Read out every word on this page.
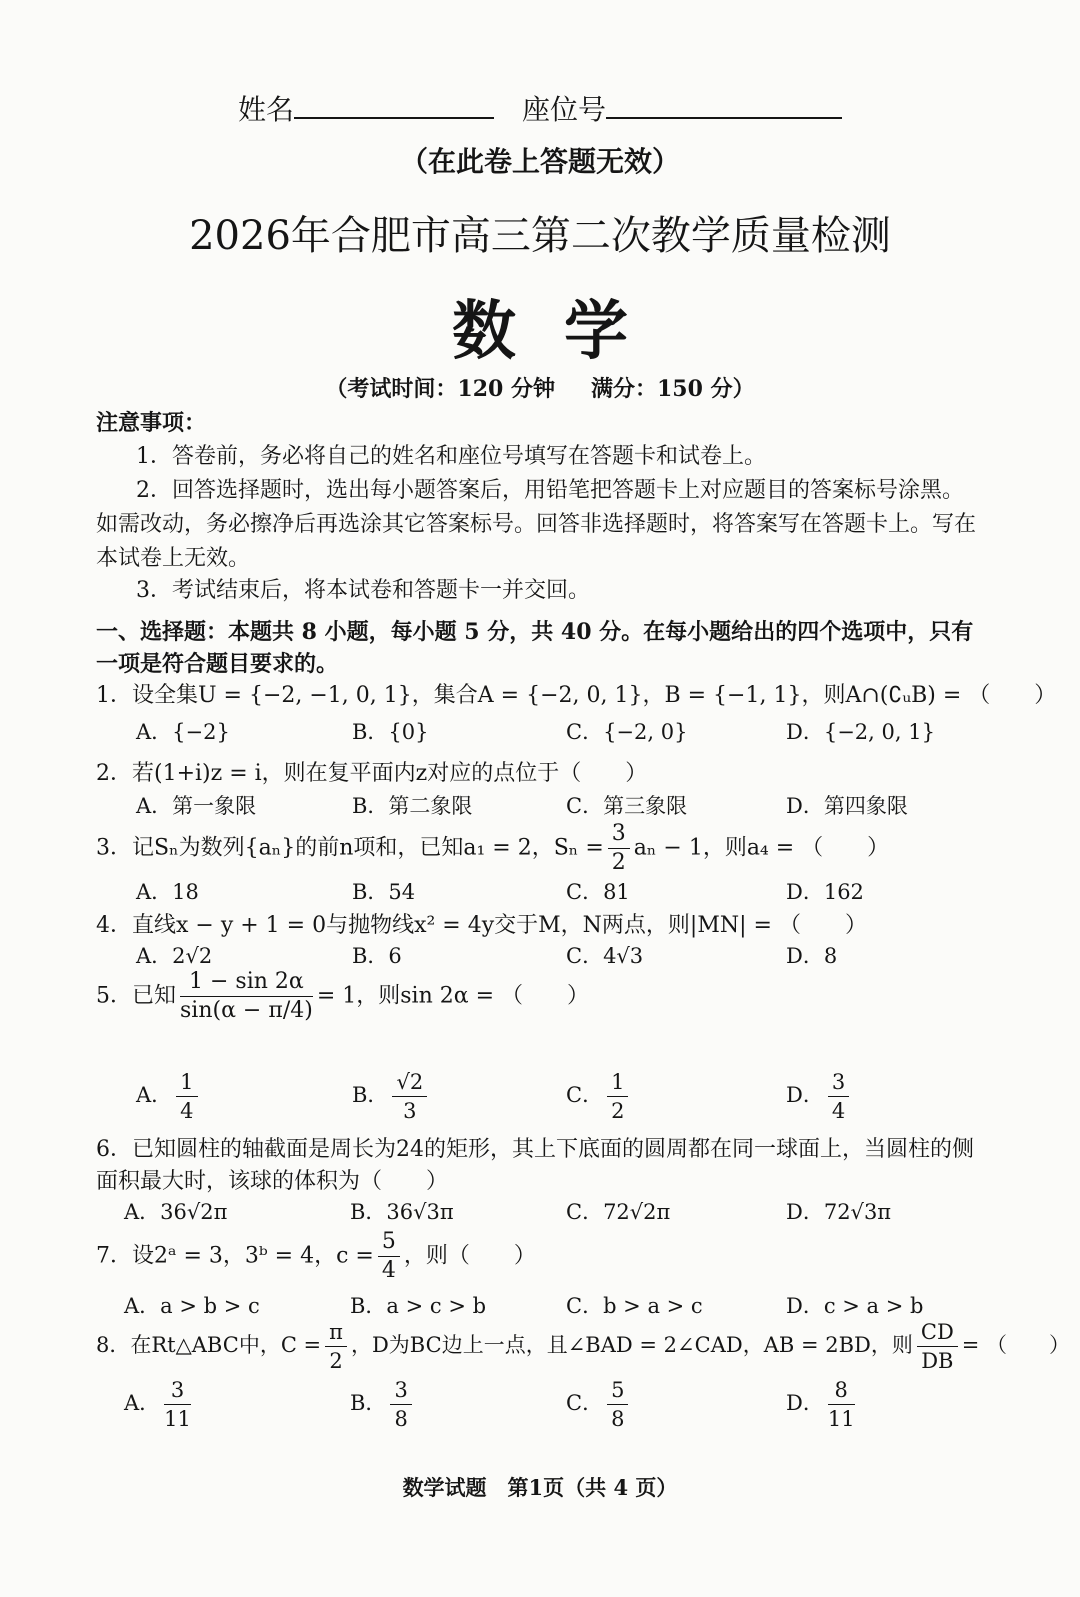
姓名	座位号
（在此卷上答题无效）
2026年合肥市高三第二次教学质量检测
数学
（考试时间：120 分钟 满分：150 分）
注意事项：
1．答卷前，务必将自己的姓名和座位号填写在答题卡和试卷上。
2．回答选择题时，选出每小题答案后，用铅笔把答题卡上对应题目的答案标号涂黑。如需改动，务必擦净后再选涂其它答案标号。回答非选择题时，将答案写在答题卡上。写在本试卷上无效。
3．考试结束后，将本试卷和答题卡一并交回。
一、选择题：本题共 8 小题，每小题 5 分，共 40 分。在每小题给出的四个选项中，只有一项是符合题目要求的。
1．设全集U = {−2, −1, 0, 1}，集合A = {−2, 0, 1}，B = {−1, 1}，则A∩(∁ᵤB) = （　　）
A．{−2}	B．{0}	C．{−2, 0}	D．{−2, 0, 1}
2．若(1+i)z = i，则在复平面内z对应的点位于（　　）
A．第一象限	B．第二象限	C．第三象限	D．第四象限
3．记Sₙ为数列{aₙ}的前n项和，已知a₁ = 2，$S_n = \frac{3}{2}$ aₙ − 1，则a₄ = （　　）
A．18	B．54	C．81	D．162
4．直线x − y + 1 = 0与抛物线x² = 4y交于M，N两点，则|MN| = （　　）
A．2√2	B．6	C．4√3	D．8
5．已知 $\frac{1 - \sin 2\alpha}{\sin(\alpha - \pi/4)} = 1$，则sin 2α = （　　）
A． $\frac{1}{4}$	B． $\frac{√2}{3}$	C． $\frac{1}{2}$	D． $\frac{3}{4}$
6．已知圆柱的轴截面是周长为24的矩形，其上下底面的圆周都在同一球面上，当圆柱的侧面积最大时，该球的体积为（　　）
A．36√2π	B．36√3π	C．72√2π	D．72√3π
7．设2ᵃ = 3，3ᵇ = 4，$c = \frac{5}{4}$ ，则（　　）
A．a > b > c	B．a > c > b	C．b > a > c	D．c > a > b
8．在Rt△ABC中，$C = \frac{\pi}{2}$ ，D为BC边上一点，且∠BAD = 2∠CAD，AB = 2BD，则 $\frac{CD}{DB}$ = （　　）
A． $\frac{3}{11}$	B． $\frac{3}{8}$	C． $\frac{5}{8}$	D． $\frac{8}{11}$
数学试题　第1页（共 4 页）
